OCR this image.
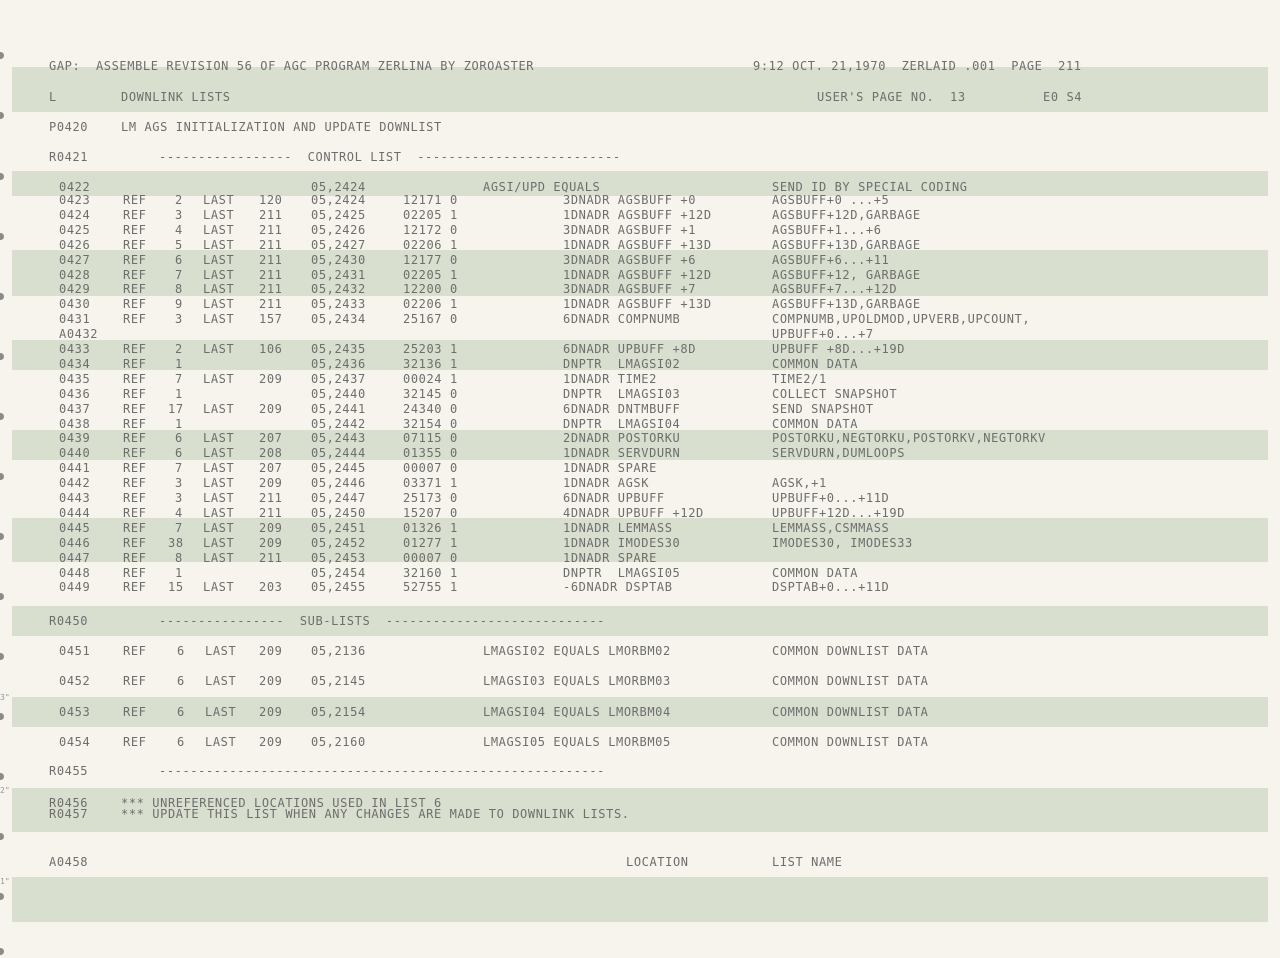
3"
2"
1"
GAP:  ASSEMBLE REVISION 56 OF AGC PROGRAM ZERLINA BY ZOROASTER	9:12 OCT. 21,1970  ZERLAID .001  PAGE  211
L	DOWNLINK LISTS	USER'S PAGE NO.  13	E0 S4
P0420	LM AGS INITIALIZATION AND UPDATE DOWNLIST
R0421	-----------------  CONTROL LIST  --------------------------
0422	05,2424	AGSI/UPD EQUALS	SEND ID BY SPECIAL CODING
0423	REF 2 LAST 120 05,2424	12171 0	3DNADR AGSBUFF +0	AGSBUFF+0 ...+5
0424	REF 3 LAST 211 05,2425	02205 1	1DNADR AGSBUFF +12D	AGSBUFF+12D,GARBAGE
0425	REF 4 LAST 211 05,2426	12172 0	3DNADR AGSBUFF +1	AGSBUFF+1...+6
0426	REF 5 LAST 211 05,2427	02206 1	1DNADR AGSBUFF +13D	AGSBUFF+13D,GARBAGE
0427	REF 6 LAST 211 05,2430	12177 0	3DNADR AGSBUFF +6	AGSBUFF+6...+11
0428	REF 7 LAST 211 05,2431	02205 1	1DNADR AGSBUFF +12D	AGSBUFF+12, GARBAGE
0429	REF 8 LAST 211 05,2432	12200 0	3DNADR AGSBUFF +7	AGSBUFF+7...+12D
0430	REF 9 LAST 211 05,2433	02206 1	1DNADR AGSBUFF +13D	AGSBUFF+13D,GARBAGE
0431	REF 3 LAST 157 05,2434	25167 0	6DNADR COMPNUMB	COMPNUMB,UPOLDMOD,UPVERB,UPCOUNT,
A0432	UPBUFF+0...+7
0433	REF 2 LAST 106 05,2435	25203 1	6DNADR UPBUFF +8D	UPBUFF +8D...+19D
0434	REF 1	05,2436	32136 1	DNPTR  LMAGSI02	COMMON DATA
0435	REF 7 LAST 209 05,2437	00024 1	1DNADR TIME2	TIME2/1
0436	REF 1	05,2440	32145 0	DNPTR  LMAGSI03	COLLECT SNAPSHOT
0437	REF 17 LAST 209 05,2441	24340 0	6DNADR DNTMBUFF	SEND SNAPSHOT
0438	REF 1	05,2442	32154 0	DNPTR  LMAGSI04	COMMON DATA
0439	REF 6 LAST 207 05,2443	07115 0	2DNADR POSTORKU	POSTORKU,NEGTORKU,POSTORKV,NEGTORKV
0440	REF 6 LAST 208 05,2444	01355 0	1DNADR SERVDURN	SERVDURN,DUMLOOPS
0441	REF 7 LAST 207 05,2445	00007 0	1DNADR SPARE
0442	REF 3 LAST 209 05,2446	03371 1	1DNADR AGSK	AGSK,+1
0443	REF 3 LAST 211 05,2447	25173 0	6DNADR UPBUFF	UPBUFF+0...+11D
0444	REF 4 LAST 211 05,2450	15207 0	4DNADR UPBUFF +12D	UPBUFF+12D...+19D
0445	REF 7 LAST 209 05,2451	01326 1	1DNADR LEMMASS	LEMMASS,CSMMASS
0446	REF 38 LAST 209 05,2452	01277 1	1DNADR IMODES30	IMODES30, IMODES33
0447	REF 8 LAST 211 05,2453	00007 0	1DNADR SPARE
0448	REF 1	05,2454	32160 1	DNPTR  LMAGSI05	COMMON DATA
0449	REF 15 LAST 203 05,2455	52755 1	-6DNADR DSPTAB	DSPTAB+0...+11D
R0450	----------------  SUB-LISTS  ----------------------------
0451	REF	6 LAST 209 05,2136	LMAGSI02 EQUALS LMORBM02	COMMON DOWNLIST DATA
0452	REF	6 LAST 209 05,2145	LMAGSI03 EQUALS LMORBM03	COMMON DOWNLIST DATA
0453	REF	6 LAST 209 05,2154	LMAGSI04 EQUALS LMORBM04	COMMON DOWNLIST DATA
0454	REF	6 LAST 209 05,2160	LMAGSI05 EQUALS LMORBM05	COMMON DOWNLIST DATA
R0455	---------------------------------------------------------
R0456	*** UNREFERENCED LOCATIONS USED IN LIST 6
R0457	*** UPDATE THIS LIST WHEN ANY CHANGES ARE MADE TO DOWNLINK LISTS.
A0458	LOCATION	LIST NAME
